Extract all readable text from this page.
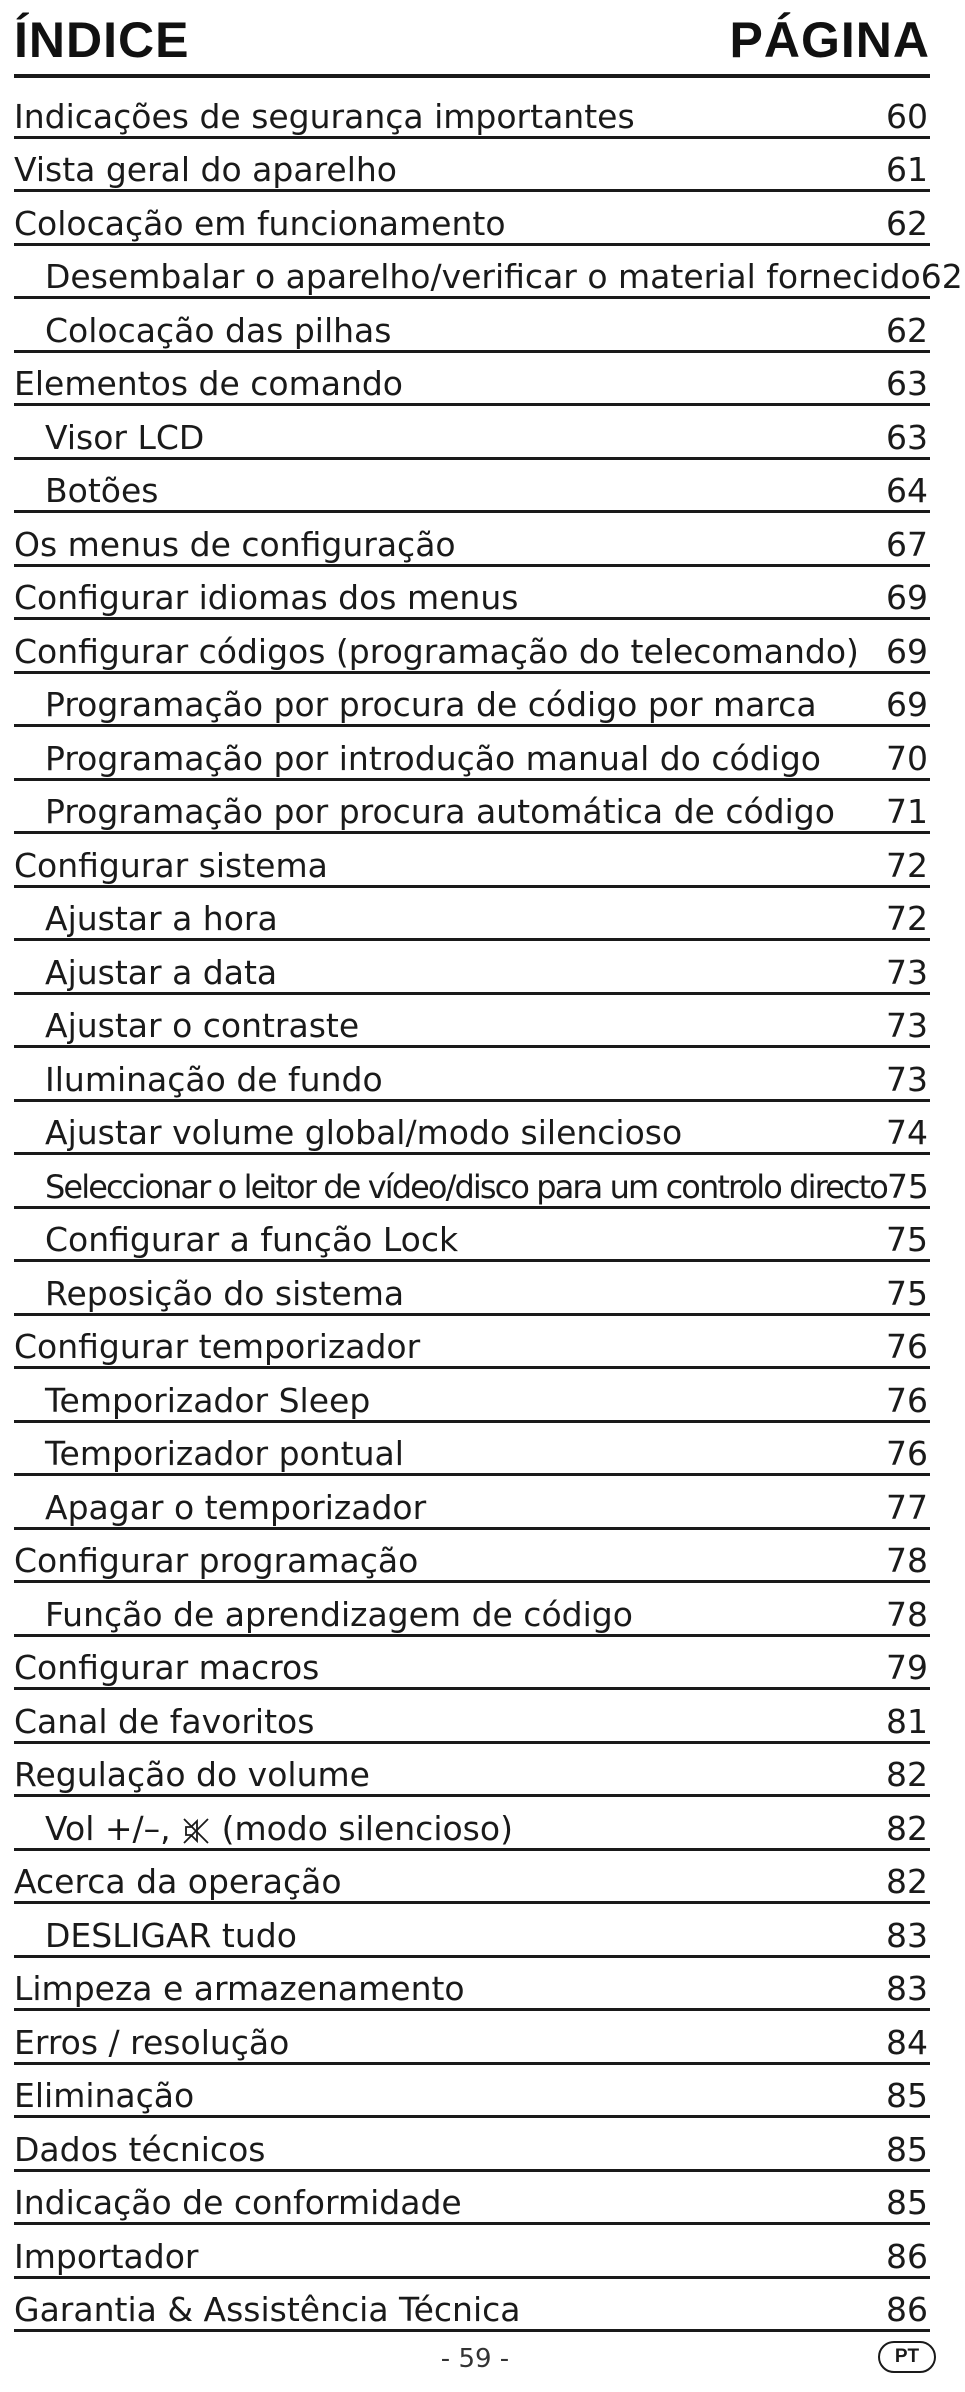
ÍNDICE	PÁGINA
Indicações de segurança importantes	60
Vista geral do aparelho	61
Colocação em funcionamento	62
Desembalar o aparelho/verificar o material fornecido 62
Colocação das pilhas	62
Elementos de comando	63
Visor LCD	63
Botões	64
Os menus de configuração	67
Configurar idiomas dos menus	69
Configurar códigos (programação do telecomando) 69
Programação por procura de código por marca	69
Programação por introdução manual do código	70
Programação por procura automática de código	71
Configurar sistema	72
Ajustar a hora	72
Ajustar a data	73
Ajustar o contraste	73
Iluminação de fundo	73
Ajustar volume global/modo silencioso	74
Seleccionar o leitor de vídeo/disco para um controlo directo 75
Configurar a função Lock	75
Reposição do sistema	75
Configurar temporizador	76
Temporizador Sleep	76
Temporizador pontual	76
Apagar o temporizador	77
Configurar programação	78
Função de aprendizagem de código	78
Configurar macros	79
Canal de favoritos	81
Regulação do volume	82
Vol +/–,  (modo silencioso)	82
Acerca da operação	82
DESLIGAR tudo	83
Limpeza e armazenamento	83
Erros / resolução	84
Eliminação	85
Dados técnicos	85
Indicação de conformidade	85
Importador	86
Garantia & Assistência Técnica	86
- 59 -	PT
